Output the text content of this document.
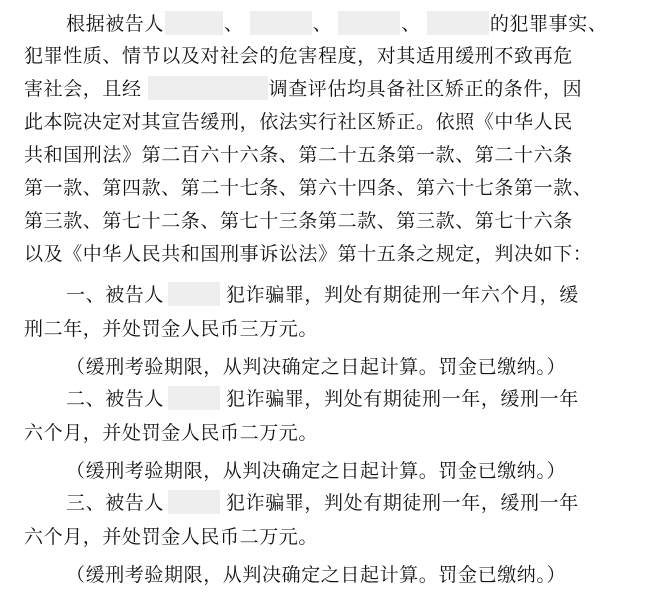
根据被告人	、	、	、	的犯罪事实、
犯罪性质、情节以及对社会的危害程度，对其适用缓刑不致再危
害社会，且经	调查评估均具备社区矫正的条件，因
此本院决定对其宣告缓刑，依法实行社区矫正。依照《中华人民
共和国刑法》第二百六十六条、第二十五条第一款、第二十六条
第一款、第四款、第二十七条、第六十四条、第六十七条第一款、
第三款、第七十二条、第七十三条第二款、第三款、第七十六条
以及《中华人民共和国刑事诉讼法》第十五条之规定，判决如下：
一、被告人	犯诈骗罪，判处有期徒刑一年六个月，缓
刑二年，并处罚金人民币三万元。
（缓刑考验期限，从判决确定之日起计算。罚金已缴纳。）
二、被告人	犯诈骗罪，判处有期徒刑一年，缓刑一年
六个月，并处罚金人民币二万元。
（缓刑考验期限，从判决确定之日起计算。罚金已缴纳。）
三、被告人	犯诈骗罪，判处有期徒刑一年，缓刑一年
六个月，并处罚金人民币二万元。
（缓刑考验期限，从判决确定之日起计算。罚金已缴纳。）
